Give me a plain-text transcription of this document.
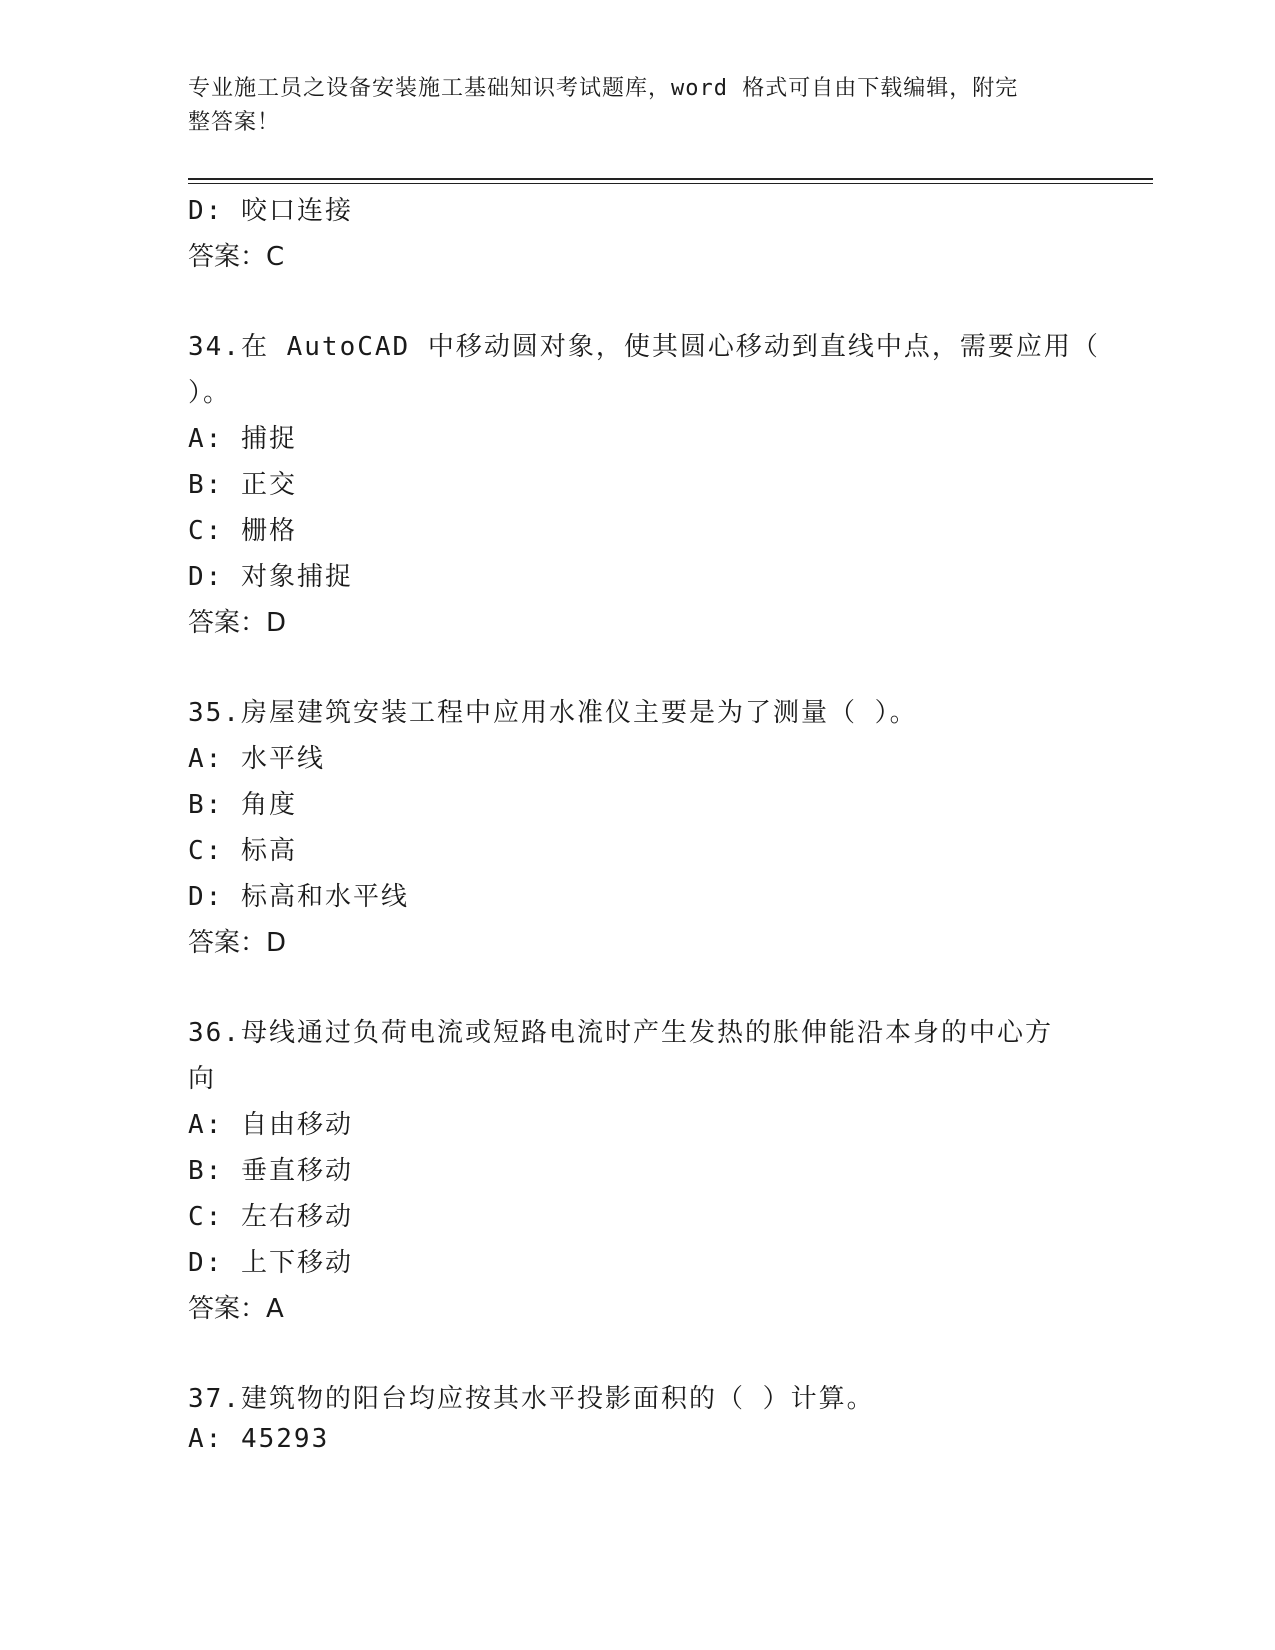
专业施工员之设备安装施工基础知识考试题库，word 格式可自由下载编辑，附完
整答案！
D: 咬口连接
答案：C
34.在 AutoCAD 中移动圆对象，使其圆心移动到直线中点，需要应用（
）。
A: 捕捉
B: 正交
C: 栅格
D: 对象捕捉
答案：D
35.房屋建筑安装工程中应用水准仪主要是为了测量（ ）。
A: 水平线
B: 角度
C: 标高
D: 标高和水平线
答案：D
36.母线通过负荷电流或短路电流时产生发热的胀伸能沿本身的中心方
向
A: 自由移动
B: 垂直移动
C: 左右移动
D: 上下移动
答案：A
37.建筑物的阳台均应按其水平投影面积的（ ）计算。
A: 45293
